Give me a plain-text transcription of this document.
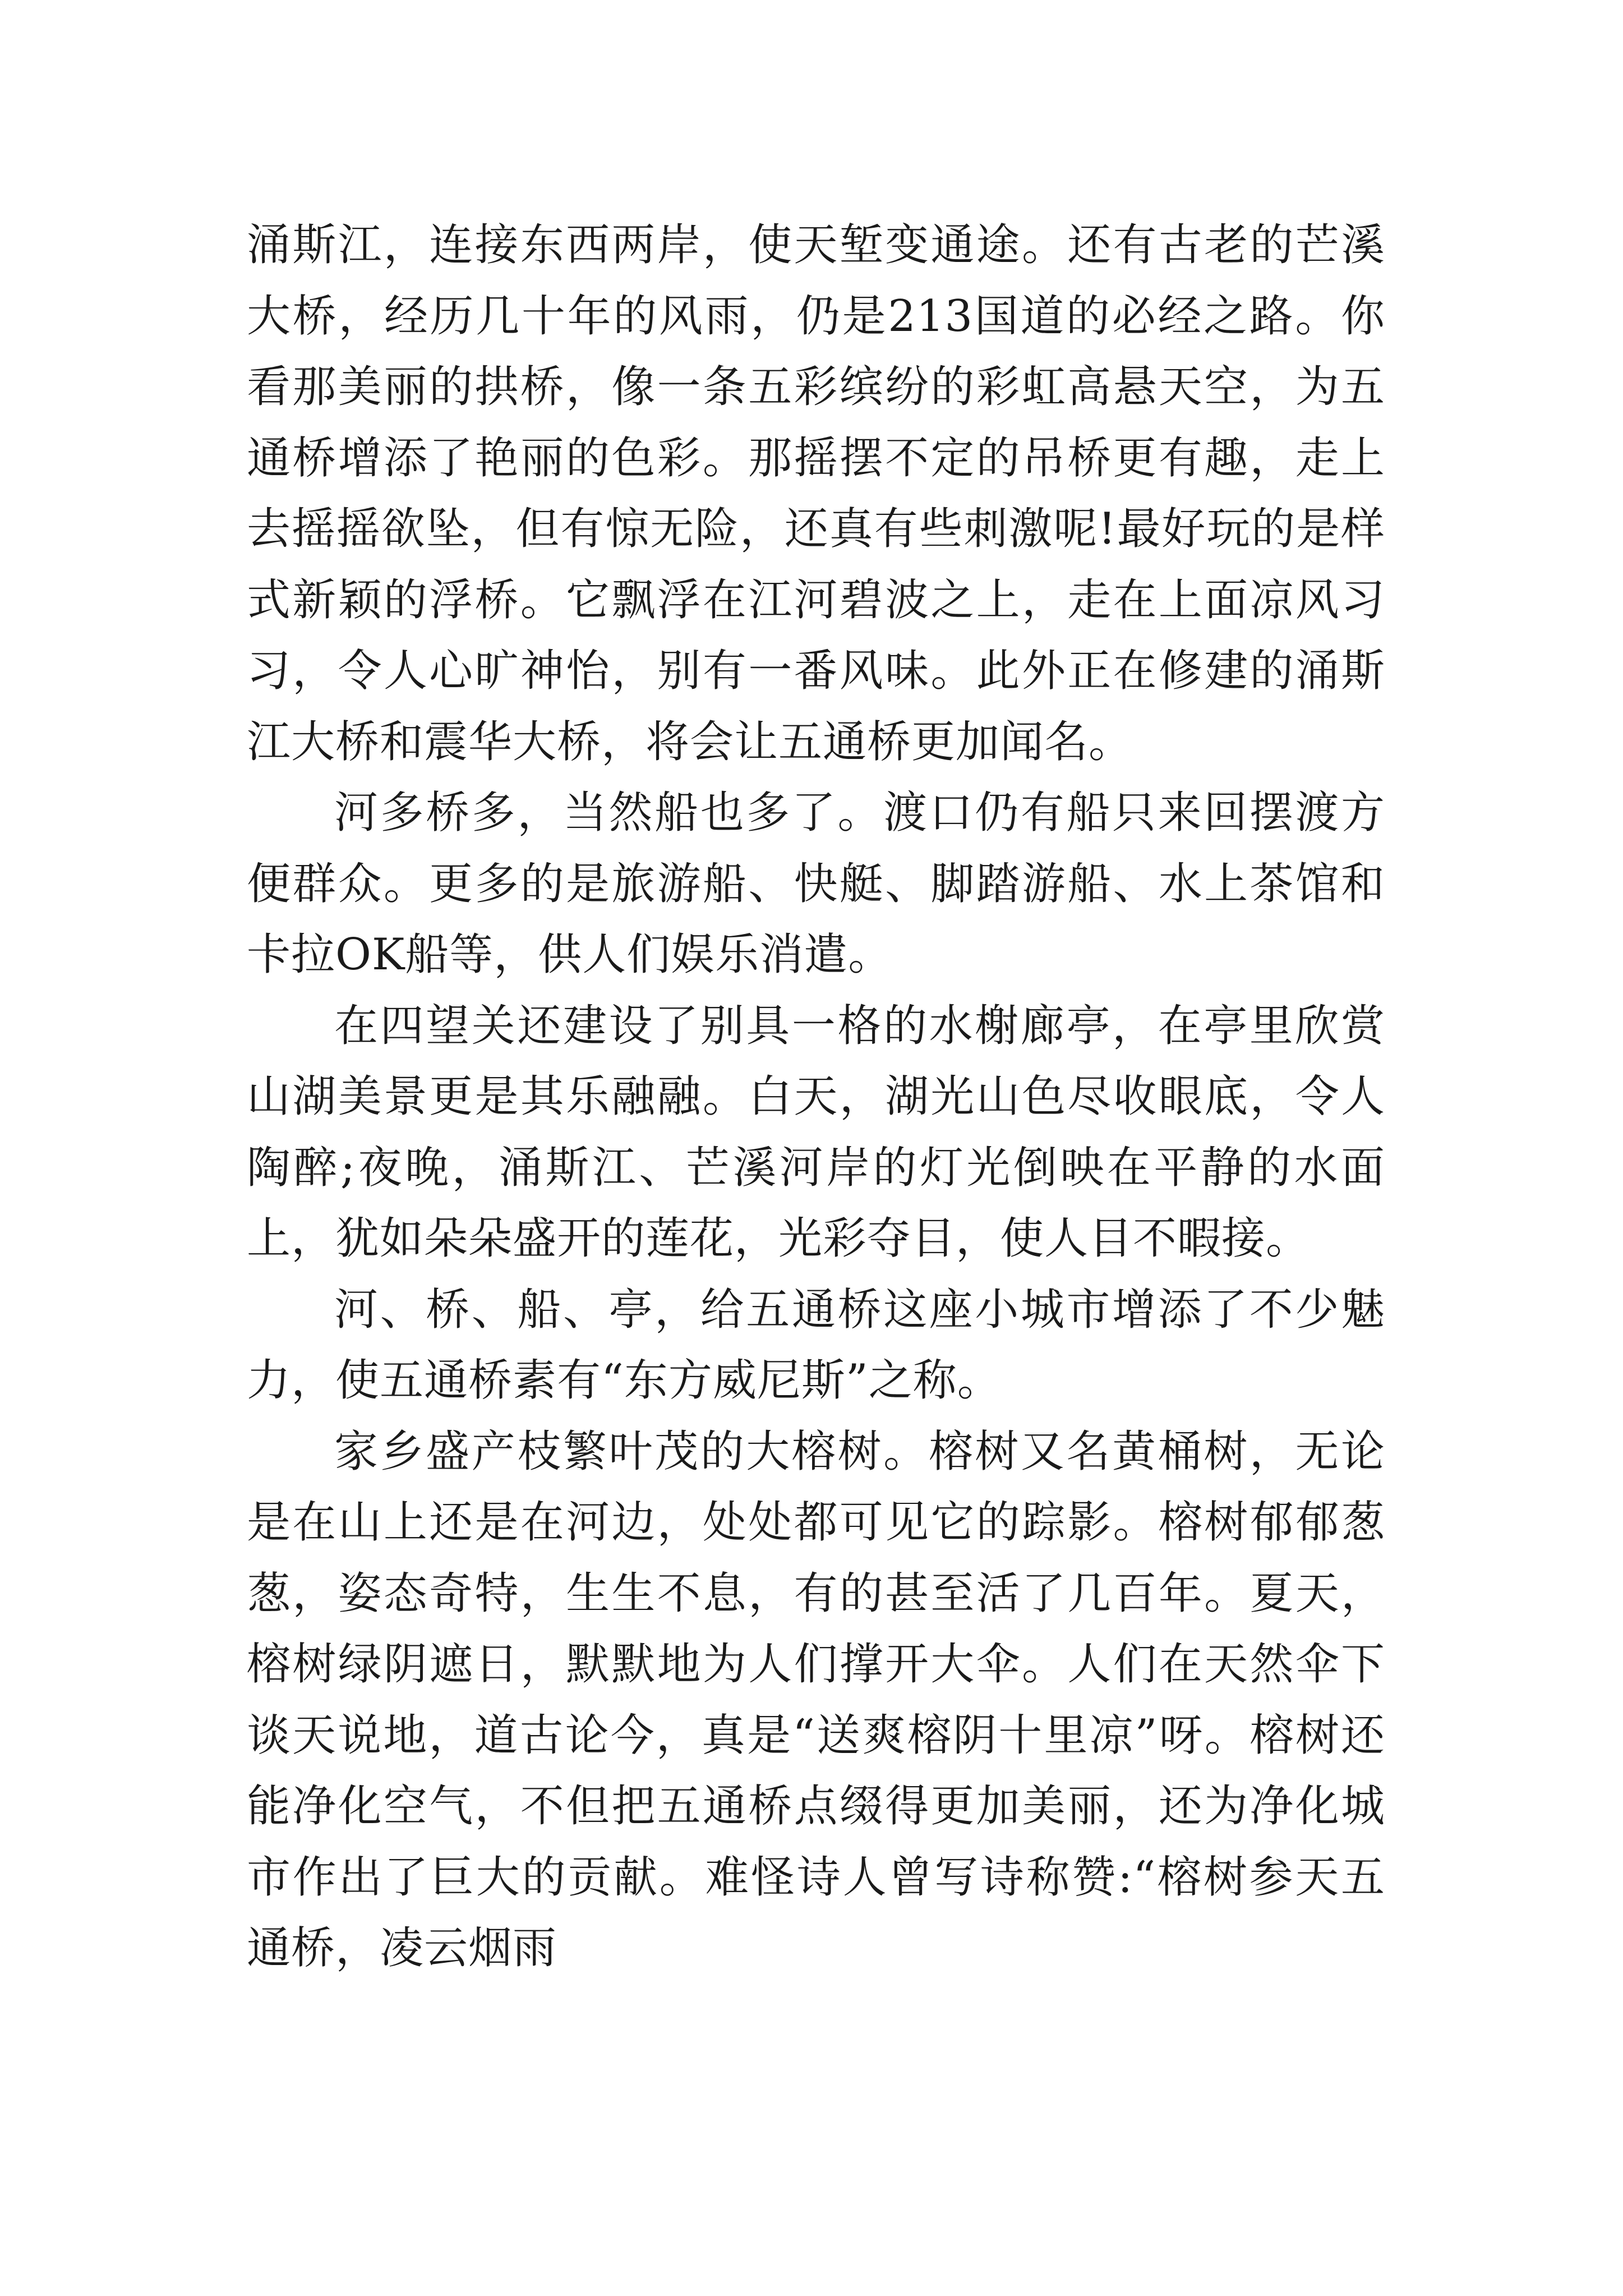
涌斯江，连接东西两岸，使天堑变通途。还有古老的芒溪大桥，经历几十年的风雨，仍是213国道的必经之路。你看那美丽的拱桥，像一条五彩缤纷的彩虹高悬天空，为五通桥增添了艳丽的色彩。那摇摆不定的吊桥更有趣，走上去摇摇欲坠，但有惊无险，还真有些刺激呢!最好玩的是样式新颖的浮桥。它飘浮在江河碧波之上，走在上面凉风习习，令人心旷神怡，别有一番风味。此外正在修建的涌斯江大桥和震华大桥，将会让五通桥更加闻名。

河多桥多，当然船也多了。渡口仍有船只来回摆渡方便群众。更多的是旅游船、快艇、脚踏游船、水上茶馆和卡拉OK船等，供人们娱乐消遣。

在四望关还建设了别具一格的水榭廊亭，在亭里欣赏山湖美景更是其乐融融。白天，湖光山色尽收眼底，令人陶醉;夜晚，涌斯江、芒溪河岸的灯光倒映在平静的水面上，犹如朵朵盛开的莲花，光彩夺目，使人目不暇接。

河、桥、船、亭，给五通桥这座小城市增添了不少魅力，使五通桥素有“东方威尼斯”之称。

家乡盛产枝繁叶茂的大榕树。榕树又名黄桶树，无论是在山上还是在河边，处处都可见它的踪影。榕树郁郁葱葱，姿态奇特，生生不息，有的甚至活了几百年。夏天，榕树绿阴遮日，默默地为人们撑开大伞。人们在天然伞下谈天说地，道古论今，真是“送爽榕阴十里凉”呀。榕树还能净化空气，不但把五通桥点缀得更加美丽，还为净化城市作出了巨大的贡献。难怪诗人曾写诗称赞:“榕树参天五通桥，凌云烟雨
